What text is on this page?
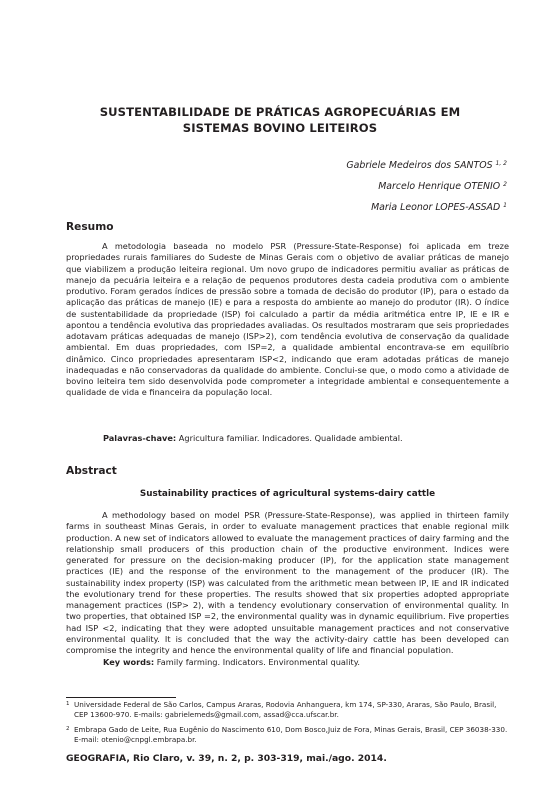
SUSTENTABILIDADE DE PRÁTICAS AGROPECUÁRIAS EM
SISTEMAS BOVINO LEITEIROS
Gabriele Medeiros dos SANTOS $^{1, 2}$
Marcelo Henrique OTENIO $^2$
Maria Leonor LOPES-ASSAD $^1$
Resumo

A metodologia baseada no modelo PSR (Pressure-State-Response) foi aplicada em treze propriedades rurais familiares do Sudeste de Minas Gerais com o objetivo de avaliar práticas de manejo que viabilizem a produção leiteira regional. Um novo grupo de indicadores permitiu avaliar as práticas de manejo da pecuária leiteira e a relação de pequenos produtores desta cadeia produtiva com o ambiente produtivo. Foram gerados índices de pressão sobre a tomada de decisão do produtor (IP), para o estado da aplicação das práticas de manejo (IE) e para a resposta do ambiente ao manejo do produtor (IR). O índice de sustentabilidade da propriedade (ISP) foi calculado a partir da média aritmética entre IP, IE e IR e apontou a tendência evolutiva das propriedades avaliadas. Os resultados mostraram que seis propriedades adotavam práticas adequadas de manejo (ISP>2), com tendência evolutiva de conservação da qualidade ambiental. Em duas propriedades, com ISP=2, a qualidade ambiental encontrava-se em equilíbrio dinâmico. Cinco propriedades apresentaram ISP<2, indicando que eram adotadas práticas de manejo inadequadas e não conservadoras da qualidade do ambiente. Conclui-se que, o modo como a atividade de bovino leiteira tem sido desenvolvida pode comprometer a integridade ambiental e consequentemente a qualidade de vida e financeira da população local.

Palavras-chave: Agricultura familiar. Indicadores. Qualidade ambiental.
Abstract
Sustainability practices of agricultural systems-dairy cattle

A methodology based on model PSR (Pressure-State-Response), was applied in thirteen family farms in southeast Minas Gerais, in order to evaluate management practices that enable regional milk production. A new set of indicators allowed to evaluate the management practices of dairy farming and the relationship small producers of this production chain of the productive environment. Indices were generated for pressure on the decision-making producer (IP), for the application state management practices (IE) and the response of the environment to the management of the producer (IR). The sustainability index property (ISP) was calculated from the arithmetic mean between IP, IE and IR indicated the evolutionary trend for these properties. The results showed that six properties adopted appropriate management practices (ISP> 2), with a tendency evolutionary conservation of environmental quality. In two properties, that obtained ISP =2, the environmental quality was in dynamic equilibrium. Five properties had ISP <2, indicating that they were adopted unsuitable management practices and not conservative environmental quality. It is concluded that the way the activity-dairy cattle has been developed can compromise the integrity and hence the environmental quality of life and financial population.

Key words: Family farming. Indicators. Environmental quality.
1 Universidade Federal de São Carlos, Campus Araras, Rodovia Anhanguera, km 174, SP-330, Araras, São Paulo, Brasil, CEP 13600-970. E-mails: gabrielemeds@gmail.com, assad@cca.ufscar.br.
2 Embrapa Gado de Leite, Rua Eugênio do Nascimento 610, Dom Bosco,Juiz de Fora, Minas Gerais, Brasil, CEP 36038-330. E-mail: otenio@cnpgl.embrapa.br.
GEOGRAFIA, Rio Claro, v. 39, n. 2, p. 303-319, mai./ago. 2014.
